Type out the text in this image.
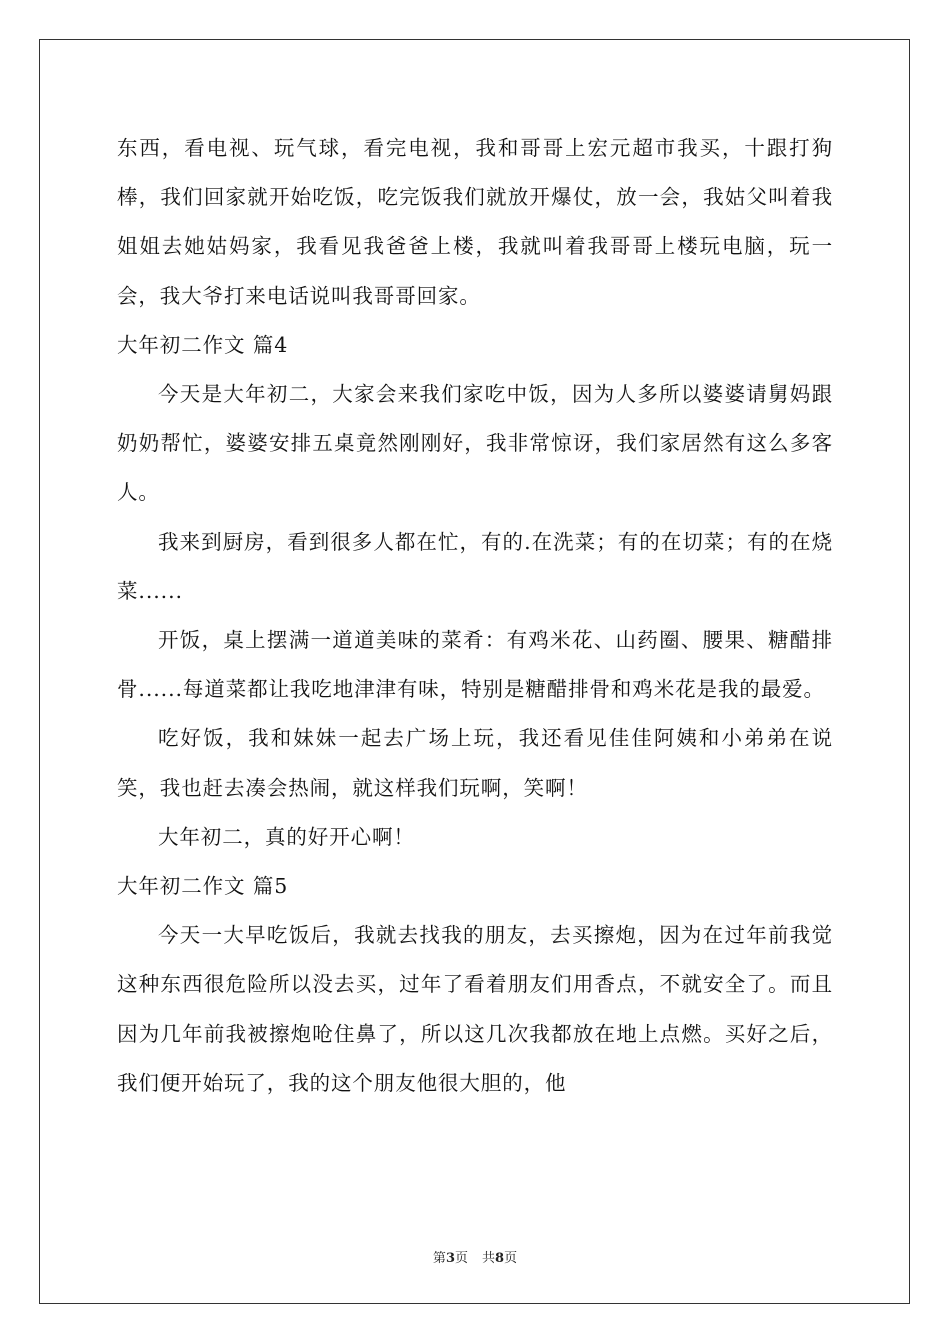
东西，看电视、玩气球，看完电视，我和哥哥上宏元超市我买，十跟打狗棒，我们回家就开始吃饭，吃完饭我们就放开爆仗，放一会，我姑父叫着我姐姐去她姑妈家，我看见我爸爸上楼，我就叫着我哥哥上楼玩电脑，玩一会，我大爷打来电话说叫我哥哥回家。

大年初二作文 篇4

今天是大年初二，大家会来我们家吃中饭，因为人多所以婆婆请舅妈跟奶奶帮忙，婆婆安排五桌竟然刚刚好，我非常惊讶，我们家居然有这么多客人。

我来到厨房，看到很多人都在忙，有的.在洗菜；有的在切菜；有的在烧菜......

开饭，桌上摆满一道道美味的菜肴：有鸡米花、山药圈、腰果、糖醋排骨......每道菜都让我吃地津津有味，特别是糖醋排骨和鸡米花是我的最爱。

吃好饭，我和妹妹一起去广场上玩，我还看见佳佳阿姨和小弟弟在说笑，我也赶去凑会热闹，就这样我们玩啊，笑啊！

大年初二，真的好开心啊！

大年初二作文 篇5

今天一大早吃饭后，我就去找我的朋友，去买擦炮，因为在过年前我觉这种东西很危险所以没去买，过年了看着朋友们用香点，不就安全了。而且因为几年前我被擦炮呛住鼻了，所以这几次我都放在地上点燃。买好之后，我们便开始玩了，我的这个朋友他很大胆的，他

第3页 共8页
